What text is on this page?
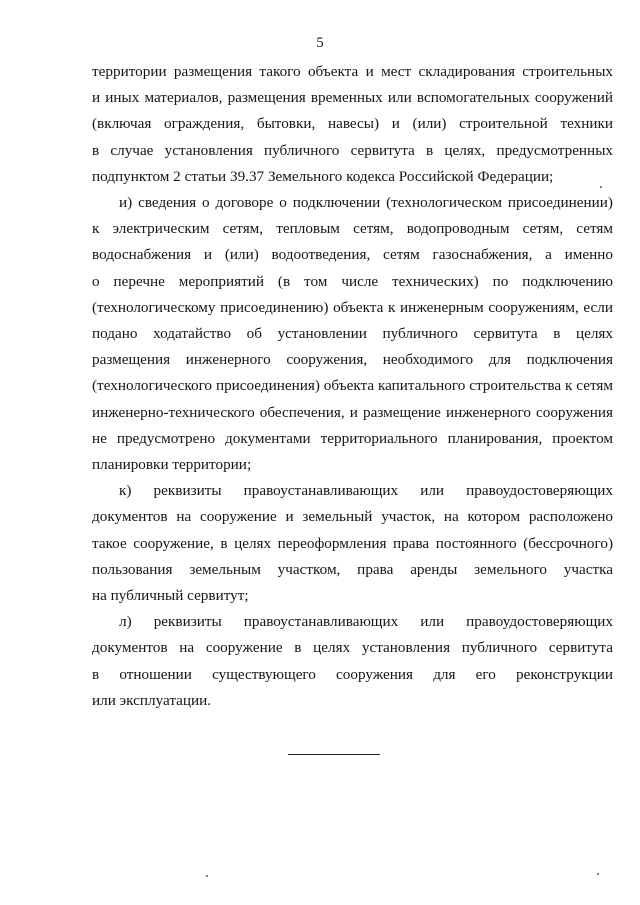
5

территории размещения такого объекта и мест складирования строительных
и иных материалов, размещения временных или вспомогательных сооружений
(включая ограждения, бытовки, навесы) и (или) строительной техники
в случае установления публичного сервитута в целях, предусмотренных
подпунктом 2 статьи 39.37 Земельного кодекса Российской Федерации;

и) сведения о договоре о подключении (технологическом присоединении)
к электрическим сетям, тепловым сетям, водопроводным сетям, сетям
водоснабжения и (или) водоотведения, сетям газоснабжения, а именно
о перечне мероприятий (в том числе технических) по подключению
(технологическому присоединению) объекта к инженерным сооружениям, если
подано ходатайство об установлении публичного сервитута в целях
размещения инженерного сооружения, необходимого для подключения
(технологического присоединения) объекта капитального строительства к сетям
инженерно-технического обеспечения, и размещение инженерного сооружения
не предусмотрено документами территориального планирования, проектом
планировки территории;

к) реквизиты правоустанавливающих или правоудостоверяющих
документов на сооружение и земельный участок, на котором расположено
такое сооружение, в целях переоформления права постоянного (бессрочного)
пользования земельным участком, права аренды земельного участка
на публичный сервитут;

л) реквизиты правоустанавливающих или правоудостоверяющих
документов на сооружение в целях установления публичного сервитута
в отношении существующего сооружения для его реконструкции
или эксплуатации.
